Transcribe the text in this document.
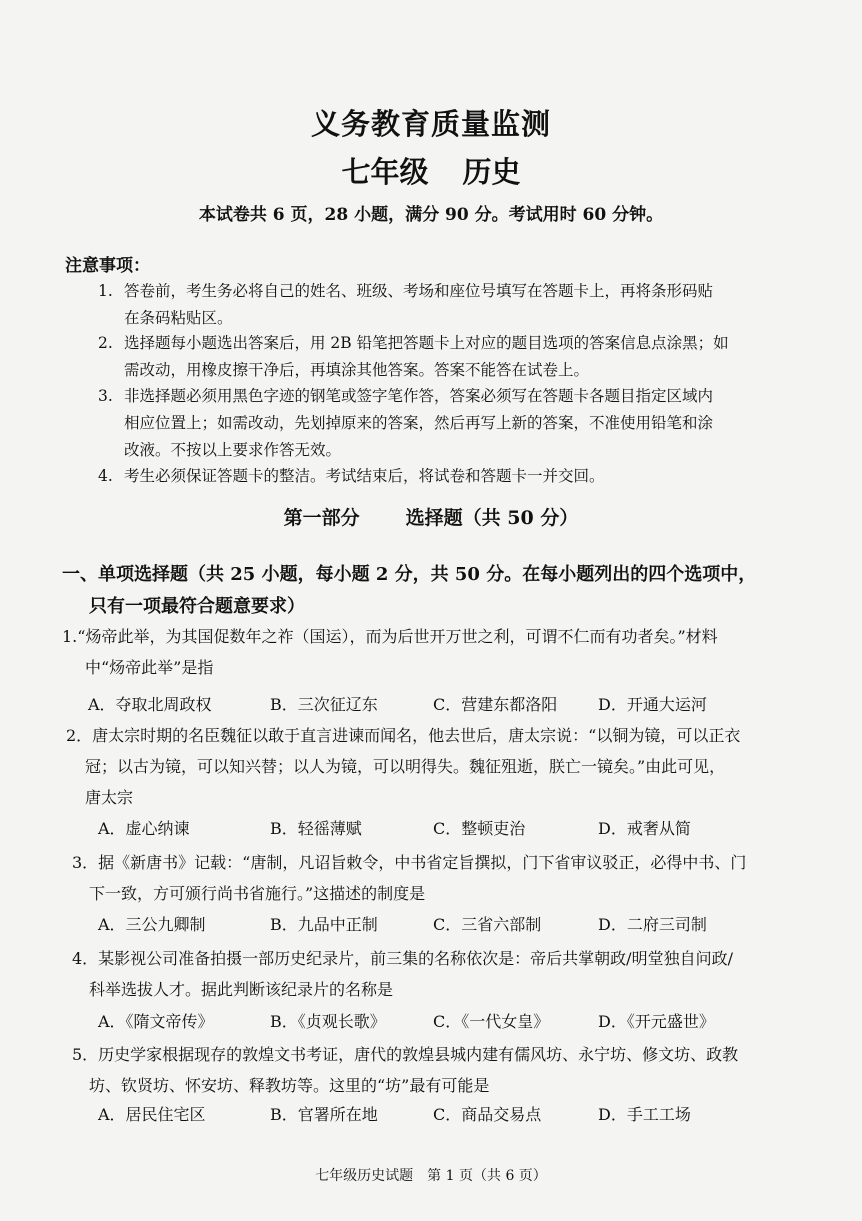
义务教育质量监测
七年级 历史
本试卷共 6 页，28 小题，满分 90 分。考试用时 60 分钟。
注意事项：
1. 答卷前，考生务必将自己的姓名、班级、考场和座位号填写在答题卡上，再将条形码贴
在条码粘贴区。
2. 选择题每小题选出答案后，用 2B 铅笔把答题卡上对应的题目选项的答案信息点涂黑；如
需改动，用橡皮擦干净后，再填涂其他答案。答案不能答在试卷上。
3. 非选择题必须用黑色字迹的钢笔或签字笔作答，答案必须写在答题卡各题目指定区域内
相应位置上；如需改动，先划掉原来的答案，然后再写上新的答案，不准使用铅笔和涂
改液。不按以上要求作答无效。
4. 考生必须保证答题卡的整洁。考试结束后，将试卷和答题卡一并交回。
第一部分 选择题（共 50 分）
一、单项选择题（共 25 小题，每小题 2 分，共 50 分。在每小题列出的四个选项中，
只有一项最符合题意要求）
1.“炀帝此举，为其国促数年之祚（国运），而为后世开万世之利，可谓不仁而有功者矣。”材料
中“炀帝此举”是指
A．夺取北周政权	B．三次征辽东	C．营建东都洛阳	D．开通大运河
2．唐太宗时期的名臣魏征以敢于直言进谏而闻名，他去世后，唐太宗说：“以铜为镜，可以正衣
冠；以古为镜，可以知兴替；以人为镜，可以明得失。魏征殂逝，朕亡一镜矣。”由此可见，
唐太宗
A．虚心纳谏	B．轻徭薄赋	C．整顿吏治	D．戒奢从简
3．据《新唐书》记载：“唐制，凡诏旨敕令，中书省定旨撰拟，门下省审议驳正，必得中书、门
下一致，方可颁行尚书省施行。”这描述的制度是
A．三公九卿制	B．九品中正制	C．三省六部制	D．二府三司制
4．某影视公司准备拍摄一部历史纪录片，前三集的名称依次是：帝后共掌朝政/明堂独自问政/
科举选拔人才。据此判断该纪录片的名称是
A．《隋文帝传》	B．《贞观长歌》	C．《一代女皇》	D．《开元盛世》
5．历史学家根据现存的敦煌文书考证，唐代的敦煌县城内建有儒风坊、永宁坊、修文坊、政教
坊、钦贤坊、怀安坊、释教坊等。这里的“坊”最有可能是
A．居民住宅区	B．官署所在地	C．商品交易点	D．手工工场
七年级历史试题　第 1 页（共 6 页）
